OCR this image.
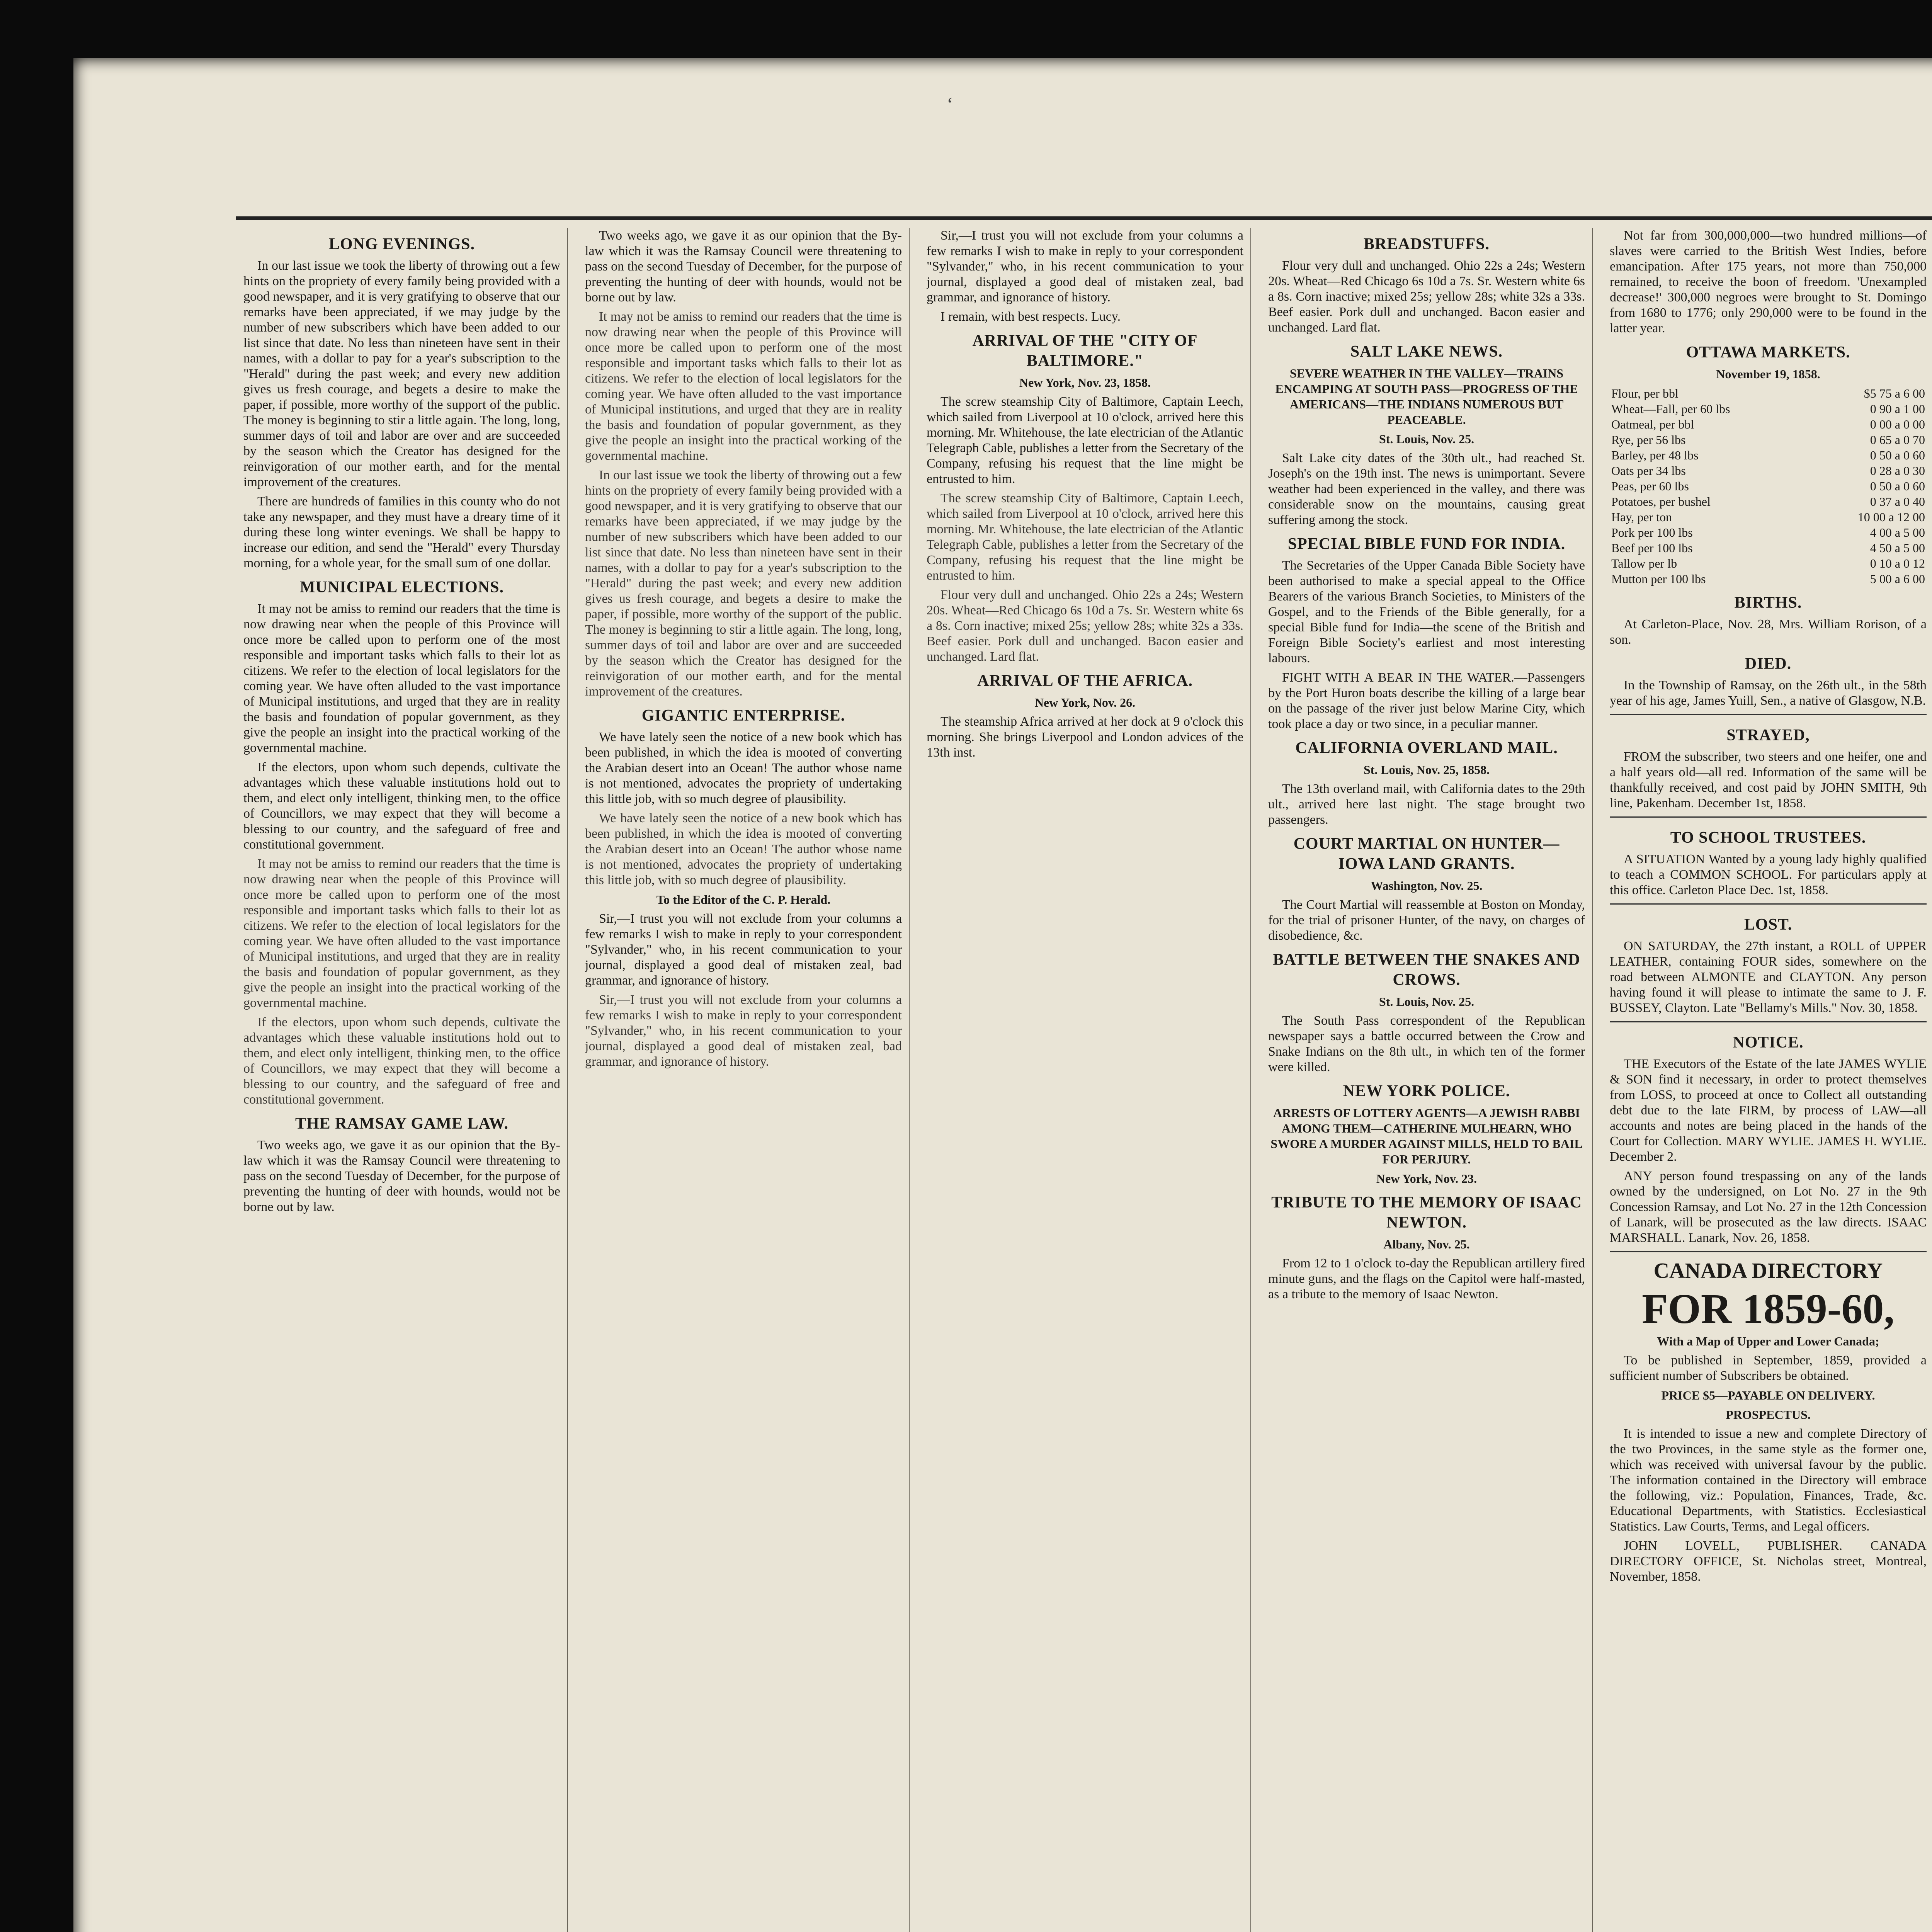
ʻ
LONG EVENINGS.

In our last issue we took the liberty of throwing out a few hints on the propriety of every family being provided with a good newspaper, and it is very gratifying to observe that our remarks have been appreciated, if we may judge by the number of new subscribers which have been added to our list since that date. No less than nineteen have sent in their names, with a dollar to pay for a year's subscription to the "Herald" during the past week; and every new addition gives us fresh courage, and begets a desire to make the paper, if possible, more worthy of the support of the public. The money is beginning to stir a little again. The long, long, summer days of toil and labor are over and are succeeded by the season which the Creator has designed for the reinvigoration of our mother earth, and for the mental improvement of the creatures.

There are hundreds of families in this county who do not take any newspaper, and they must have a dreary time of it during these long winter evenings. We shall be happy to increase our edition, and send the "Herald" every Thursday morning, for a whole year, for the small sum of one dollar.

MUNICIPAL ELECTIONS.

It may not be amiss to remind our readers that the time is now drawing near when the people of this Province will once more be called upon to perform one of the most responsible and important tasks which falls to their lot as citizens. We refer to the election of local legislators for the coming year. We have often alluded to the vast importance of Municipal institutions, and urged that they are in reality the basis and foundation of popular government, as they give the people an insight into the practical working of the governmental machine.

If the electors, upon whom such depends, cultivate the advantages which these valuable institutions hold out to them, and elect only intelligent, thinking men, to the office of Councillors, we may expect that they will become a blessing to our country, and the safeguard of free and constitutional government.

It may not be amiss to remind our readers that the time is now drawing near when the people of this Province will once more be called upon to perform one of the most responsible and important tasks which falls to their lot as citizens. We refer to the election of local legislators for the coming year. We have often alluded to the vast importance of Municipal institutions, and urged that they are in reality the basis and foundation of popular government, as they give the people an insight into the practical working of the governmental machine.

If the electors, upon whom such depends, cultivate the advantages which these valuable institutions hold out to them, and elect only intelligent, thinking men, to the office of Councillors, we may expect that they will become a blessing to our country, and the safeguard of free and constitutional government.

THE RAMSAY GAME LAW.

Two weeks ago, we gave it as our opinion that the By-law which it was the Ramsay Council were threatening to pass on the second Tuesday of December, for the purpose of preventing the hunting of deer with hounds, would not be borne out by law.

Two weeks ago, we gave it as our opinion that the By-law which it was the Ramsay Council were threatening to pass on the second Tuesday of December, for the purpose of preventing the hunting of deer with hounds, would not be borne out by law.

It may not be amiss to remind our readers that the time is now drawing near when the people of this Province will once more be called upon to perform one of the most responsible and important tasks which falls to their lot as citizens. We refer to the election of local legislators for the coming year. We have often alluded to the vast importance of Municipal institutions, and urged that they are in reality the basis and foundation of popular government, as they give the people an insight into the practical working of the governmental machine.

In our last issue we took the liberty of throwing out a few hints on the propriety of every family being provided with a good newspaper, and it is very gratifying to observe that our remarks have been appreciated, if we may judge by the number of new subscribers which have been added to our list since that date. No less than nineteen have sent in their names, with a dollar to pay for a year's subscription to the "Herald" during the past week; and every new addition gives us fresh courage, and begets a desire to make the paper, if possible, more worthy of the support of the public. The money is beginning to stir a little again. The long, long, summer days of toil and labor are over and are succeeded by the season which the Creator has designed for the reinvigoration of our mother earth, and for the mental improvement of the creatures.

GIGANTIC ENTERPRISE.

We have lately seen the notice of a new book which has been published, in which the idea is mooted of converting the Arabian desert into an Ocean! The author whose name is not mentioned, advocates the propriety of undertaking this little job, with so much degree of plausibility.

We have lately seen the notice of a new book which has been published, in which the idea is mooted of converting the Arabian desert into an Ocean! The author whose name is not mentioned, advocates the propriety of undertaking this little job, with so much degree of plausibility.

To the Editor of the C. P. Herald.

Sir,—I trust you will not exclude from your columns a few remarks I wish to make in reply to your correspondent "Sylvander," who, in his recent communication to your journal, displayed a good deal of mistaken zeal, bad grammar, and ignorance of history.

Sir,—I trust you will not exclude from your columns a few remarks I wish to make in reply to your correspondent "Sylvander," who, in his recent communication to your journal, displayed a good deal of mistaken zeal, bad grammar, and ignorance of history.

Sir,—I trust you will not exclude from your columns a few remarks I wish to make in reply to your correspondent "Sylvander," who, in his recent communication to your journal, displayed a good deal of mistaken zeal, bad grammar, and ignorance of history.

I remain, with best respects. Lucy.

ARRIVAL OF THE "CITY OF BALTIMORE."
New York, Nov. 23, 1858.

The screw steamship City of Baltimore, Captain Leech, which sailed from Liverpool at 10 o'clock, arrived here this morning. Mr. Whitehouse, the late electrician of the Atlantic Telegraph Cable, publishes a letter from the Secretary of the Company, refusing his request that the line might be entrusted to him.

The screw steamship City of Baltimore, Captain Leech, which sailed from Liverpool at 10 o'clock, arrived here this morning. Mr. Whitehouse, the late electrician of the Atlantic Telegraph Cable, publishes a letter from the Secretary of the Company, refusing his request that the line might be entrusted to him.

Flour very dull and unchanged. Ohio 22s a 24s; Western 20s. Wheat—Red Chicago 6s 10d a 7s. Sr. Western white 6s a 8s. Corn inactive; mixed 25s; yellow 28s; white 32s a 33s. Beef easier. Pork dull and unchanged. Bacon easier and unchanged. Lard flat.

ARRIVAL OF THE AFRICA.
New York, Nov. 26.

The steamship Africa arrived at her dock at 9 o'clock this morning. She brings Liverpool and London advices of the 13th inst.

BREADSTUFFS.

Flour very dull and unchanged. Ohio 22s a 24s; Western 20s. Wheat—Red Chicago 6s 10d a 7s. Sr. Western white 6s a 8s. Corn inactive; mixed 25s; yellow 28s; white 32s a 33s. Beef easier. Pork dull and unchanged. Bacon easier and unchanged. Lard flat.

SALT LAKE NEWS.
SEVERE WEATHER IN THE VALLEY—TRAINS ENCAMPING AT SOUTH PASS—PROGRESS OF THE AMERICANS—THE INDIANS NUMEROUS BUT PEACEABLE.
St. Louis, Nov. 25.

Salt Lake city dates of the 30th ult., had reached St. Joseph's on the 19th inst. The news is unimportant. Severe weather had been experienced in the valley, and there was considerable snow on the mountains, causing great suffering among the stock.

SPECIAL BIBLE FUND FOR INDIA.

The Secretaries of the Upper Canada Bible Society have been authorised to make a special appeal to the Office Bearers of the various Branch Societies, to Ministers of the Gospel, and to the Friends of the Bible generally, for a special Bible fund for India—the scene of the British and Foreign Bible Society's earliest and most interesting labours.

FIGHT WITH A BEAR IN THE WATER.—Passengers by the Port Huron boats describe the killing of a large bear on the passage of the river just below Marine City, which took place a day or two since, in a peculiar manner.

CALIFORNIA OVERLAND MAIL.
St. Louis, Nov. 25, 1858.

The 13th overland mail, with California dates to the 29th ult., arrived here last night. The stage brought two passengers.

COURT MARTIAL ON HUNTER— IOWA LAND GRANTS.
Washington, Nov. 25.

The Court Martial will reassemble at Boston on Monday, for the trial of prisoner Hunter, of the navy, on charges of disobedience, &c.

BATTLE BETWEEN THE SNAKES AND CROWS.
St. Louis, Nov. 25.

The South Pass correspondent of the Republican newspaper says a battle occurred between the Crow and Snake Indians on the 8th ult., in which ten of the former were killed.

NEW YORK POLICE.
ARRESTS OF LOTTERY AGENTS—A JEWISH RABBI AMONG THEM—CATHERINE MULHEARN, WHO SWORE A MURDER AGAINST MILLS, HELD TO BAIL FOR PERJURY.
New York, Nov. 23.
TRIBUTE TO THE MEMORY OF ISAAC NEWTON.
Albany, Nov. 25.

From 12 to 1 o'clock to-day the Republican artillery fired minute guns, and the flags on the Capitol were half-masted, as a tribute to the memory of Isaac Newton.

Not far from 300,000,000—two hundred millions—of slaves were carried to the British West Indies, before emancipation. After 175 years, not more than 750,000 remained, to receive the boon of freedom. 'Unexampled decrease!' 300,000 negroes were brought to St. Domingo from 1680 to 1776; only 290,000 were to be found in the latter year.

OTTAWA MARKETS.
November 19, 1858.
Flour, per bbl	$5 75 a 6 00
Wheat—Fall, per 60 lbs	0 90 a 1 00
Oatmeal, per bbl	0 00 a 0 00
Rye, per 56 lbs	0 65 a 0 70
Barley, per 48 lbs	0 50 a 0 60
Oats per 34 lbs	0 28 a 0 30
Peas, per 60 lbs	0 50 a 0 60
Potatoes, per bushel	0 37 a 0 40
Hay, per ton	10 00 a 12 00
Pork per 100 lbs	4 00 a 5 00
Beef per 100 lbs	4 50 a 5 00
Tallow per lb	0 10 a 0 12
Mutton per 100 lbs	5 00 a 6 00
BIRTHS.

At Carleton-Place, Nov. 28, Mrs. William Rorison, of a son.

DIED.

In the Township of Ramsay, on the 26th ult., in the 58th year of his age, James Yuill, Sen., a native of Glasgow, N.B.

STRAYED,

FROM the subscriber, two steers and one heifer, one and a half years old—all red. Information of the same will be thankfully received, and cost paid by JOHN SMITH, 9th line, Pakenham. December 1st, 1858.

TO SCHOOL TRUSTEES.

A SITUATION Wanted by a young lady highly qualified to teach a COMMON SCHOOL. For particulars apply at this office. Carleton Place Dec. 1st, 1858.

LOST.

ON SATURDAY, the 27th instant, a ROLL of UPPER LEATHER, containing FOUR sides, somewhere on the road between ALMONTE and CLAYTON. Any person having found it will please to intimate the same to J. F. BUSSEY, Clayton. Late "Bellamy's Mills." Nov. 30, 1858.

NOTICE.

THE Executors of the Estate of the late JAMES WYLIE & SON find it necessary, in order to protect themselves from LOSS, to proceed at once to Collect all outstanding debt due to the late FIRM, by process of LAW—all accounts and notes are being placed in the hands of the Court for Collection. MARY WYLIE. JAMES H. WYLIE. December 2.

ANY person found trespassing on any of the lands owned by the undersigned, on Lot No. 27 in the 9th Concession Ramsay, and Lot No. 27 in the 12th Concession of Lanark, will be prosecuted as the law directs. ISAAC MARSHALL. Lanark, Nov. 26, 1858.

CANADA DIRECTORY
FOR 1859-60,
With a Map of Upper and Lower Canada;

To be published in September, 1859, provided a sufficient number of Subscribers be obtained.

PRICE $5—PAYABLE ON DELIVERY.
PROSPECTUS.

It is intended to issue a new and complete Directory of the two Provinces, in the same style as the former one, which was received with universal favour by the public. The information contained in the Directory will embrace the following, viz.: Population, Finances, Trade, &c. Educational Departments, with Statistics. Ecclesiastical Statistics. Law Courts, Terms, and Legal officers.

JOHN LOVELL, PUBLISHER. CANADA DIRECTORY OFFICE, St. Nicholas street, Montreal, November, 1858.
